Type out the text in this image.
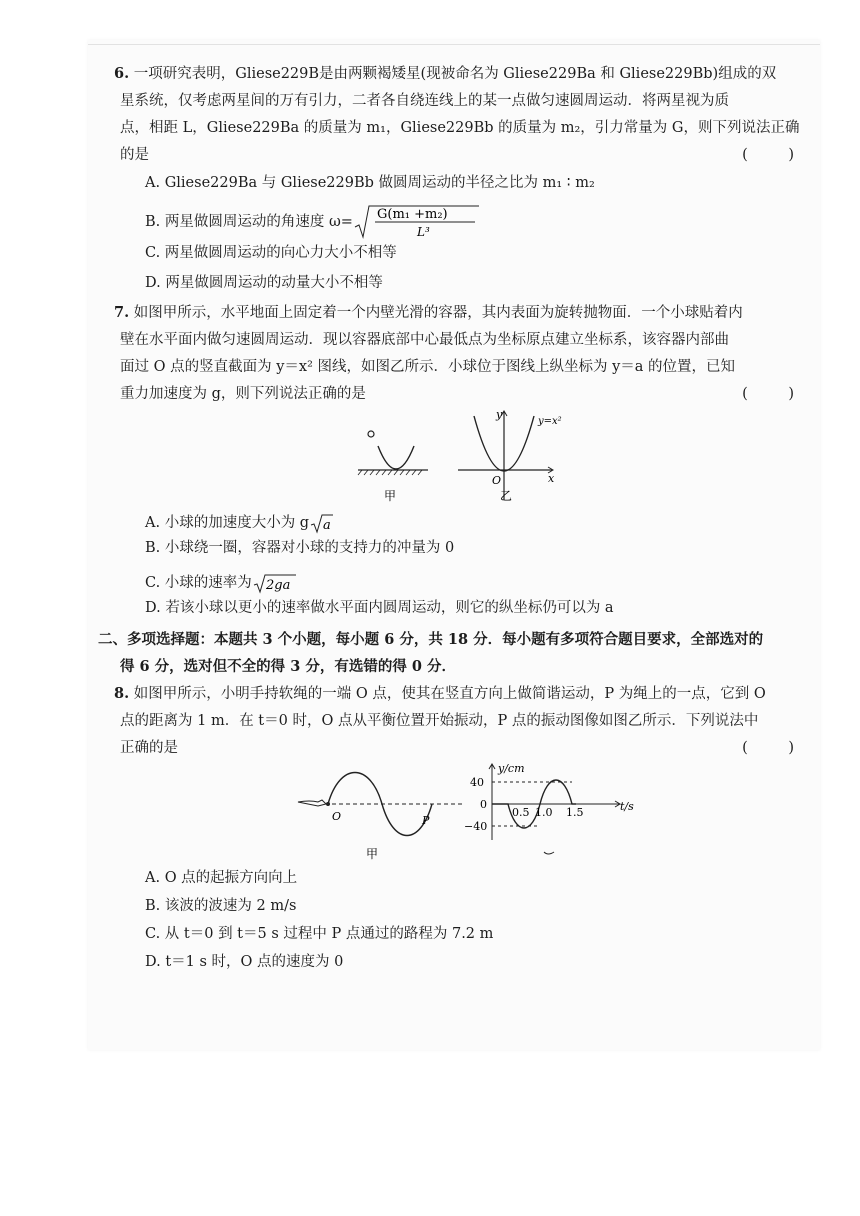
6. 一项研究表明，Gliese229B是由两颗褐矮星(现被命名为 Gliese229Ba 和 Gliese229Bb)组成的双
星系统，仅考虑两星间的万有引力，二者各自绕连线上的某一点做匀速圆周运动．将两星视为质
点，相距 L，Gliese229Ba 的质量为 m₁，Gliese229Bb 的质量为 m₂，引力常量为 G，则下列说法正确
的是	( )
A. Gliese229Ba 与 Gliese229Bb 做圆周运动的半径之比为 m₁ ∶ m₂
B. 两星做圆周运动的角速度 ω= G(m₁ +m₂)
L³
C. 两星做圆周运动的向心力大小不相等
D. 两星做圆周运动的动量大小不相等
7. 如图甲所示，水平地面上固定着一个内壁光滑的容器，其内表面为旋转抛物面．一个小球贴着内
壁在水平面内做匀速圆周运动．现以容器底部中心最低点为坐标原点建立坐标系，该容器内部曲
面过 O 点的竖直截面为 y＝x² 图线，如图乙所示．小球位于图线上纵坐标为 y＝a 的位置，已知
重力加速度为 g，则下列说法正确的是	( )
甲
y
x
O
y=x²
乙
A. 小球的加速度大小为 g a
B. 小球绕一圈，容器对小球的支持力的冲量为 0
C. 小球的速率为 2ga
D. 若该小球以更小的速率做水平面内圆周运动，则它的纵坐标仍可以为 a
二、多项选择题：本题共 3 个小题，每小题 6 分，共 18 分．每小题有多项符合题目要求，全部选对的
得 6 分，选对但不全的得 3 分，有选错的得 0 分．
8. 如图甲所示，小明手持软绳的一端 O 点，使其在竖直方向上做简谐运动，P 为绳上的一点，它到 O
点的距离为 1 m．在 t＝0 时，O 点从平衡位置开始振动，P 点的振动图像如图乙所示．下列说法中
正确的是	( )
O	P
甲
y/cm
t/s
40
0
−40
0.5 1.0 1.5
A. O 点的起振方向向上
B. 该波的波速为 2 m/s
C. 从 t＝0 到 t＝5 s 过程中 P 点通过的路程为 7.2 m
D. t＝1 s 时，O 点的速度为 0
